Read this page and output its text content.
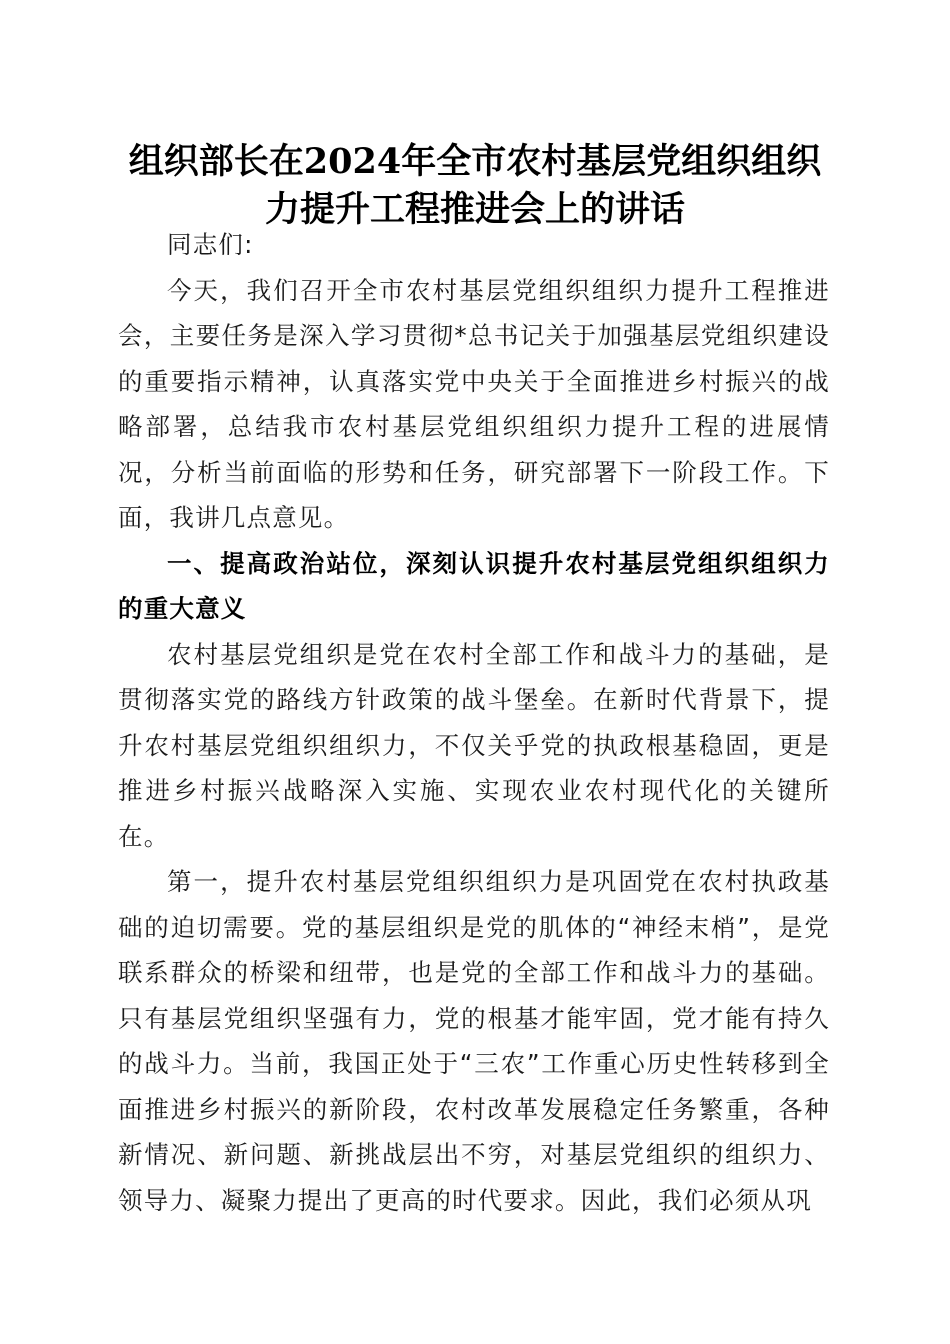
组织部长在2024年全市农村基层党组织组织
力提升工程推进会上的讲话

同志们:

今天，我们召开全市农村基层党组织组织力提升工程推进会，主要任务是深入学习贯彻*总书记关于加强基层党组织建设的重要指示精神，认真落实党中央关于全面推进乡村振兴的战略部署，总结我市农村基层党组织组织力提升工程的进展情况，分析当前面临的形势和任务，研究部署下一阶段工作。下面，我讲几点意见。

一、提高政治站位，深刻认识提升农村基层党组织组织力的重大意义

农村基层党组织是党在农村全部工作和战斗力的基础，是贯彻落实党的路线方针政策的战斗堡垒。在新时代背景下，提升农村基层党组织组织力，不仅关乎党的执政根基稳固，更是推进乡村振兴战略深入实施、实现农业农村现代化的关键所在。

第一，提升农村基层党组织组织力是巩固党在农村执政基础的迫切需要。党的基层组织是党的肌体的“神经末梢”，是党联系群众的桥梁和纽带，也是党的全部工作和战斗力的基础。只有基层党组织坚强有力，党的根基才能牢固，党才能有持久的战斗力。当前，我国正处于“三农”工作重心历史性转移到全面推进乡村振兴的新阶段，农村改革发展稳定任务繁重，各种新情况、新问题、新挑战层出不穷，对基层党组织的组织力、领导力、凝聚力提出了更高的时代要求。因此，我们必须从巩
